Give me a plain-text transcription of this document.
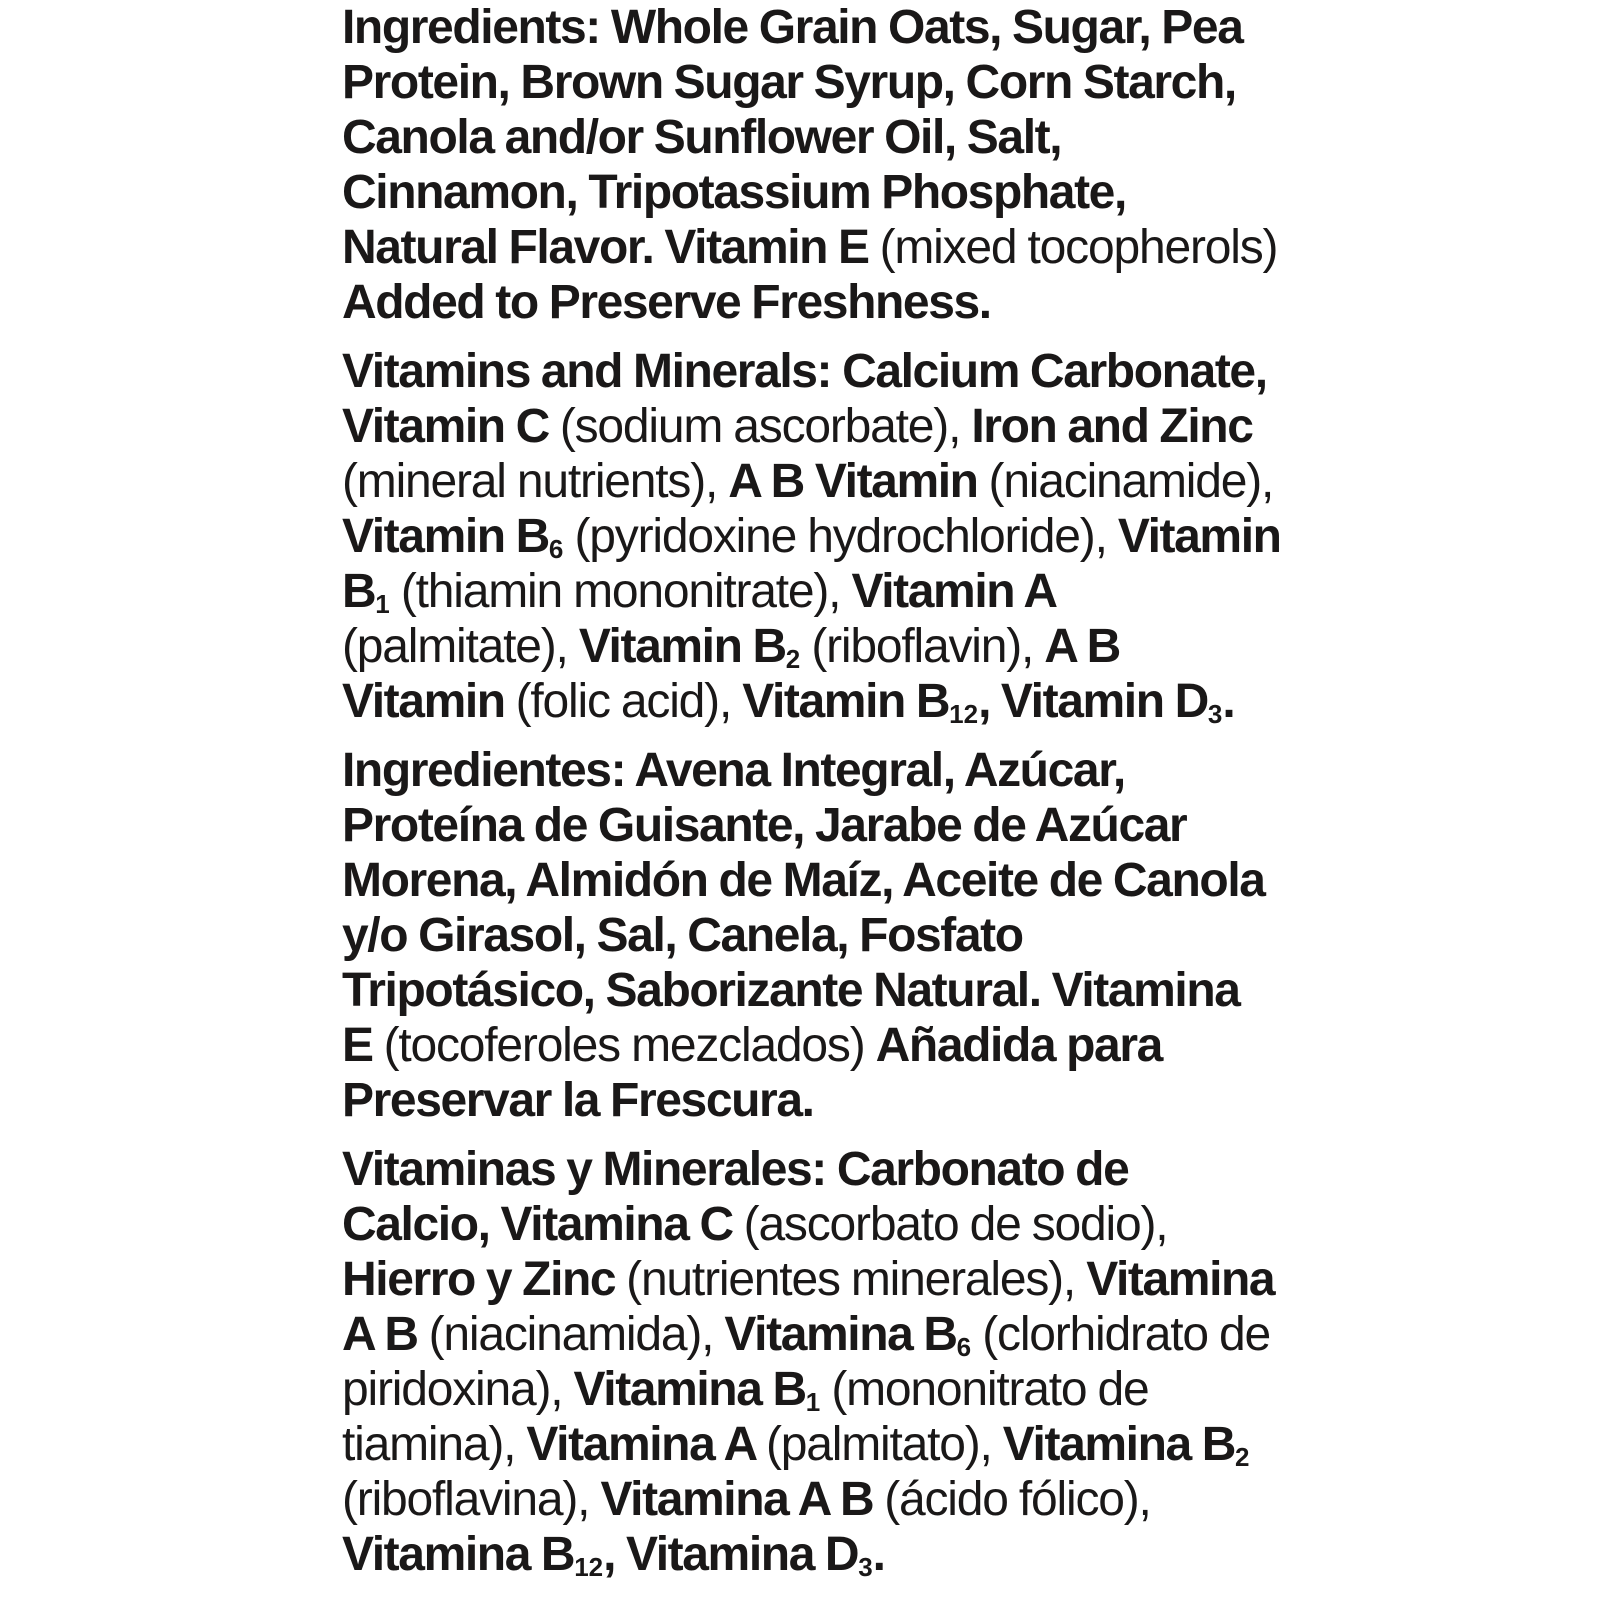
Ingredients: Whole Grain Oats, Sugar, Pea
Protein, Brown Sugar Syrup, Corn Starch,
Canola and/or Sunflower Oil, Salt,
Cinnamon, Tripotassium Phosphate,
Natural Flavor. Vitamin E (mixed tocopherols)
Added to Preserve Freshness.

Vitamins and Minerals: Calcium Carbonate,
Vitamin C (sodium ascorbate), Iron and Zinc
(mineral nutrients), A B Vitamin (niacinamide),
Vitamin $B_6$ (pyridoxine hydrochloride), Vitamin
$B_1$ (thiamin mononitrate), Vitamin A
(palmitate), Vitamin $B_2$ (riboflavin), A B
Vitamin (folic acid), Vitamin $B_{12}$, Vitamin $D_3$.

Ingredientes: Avena Integral, Azúcar,
Proteína de Guisante, Jarabe de Azúcar
Morena, Almidón de Maíz, Aceite de Canola
y/o Girasol, Sal, Canela, Fosfato
Tripotásico, Saborizante Natural. Vitamina
E (tocoferoles mezclados) Añadida para
Preservar la Frescura.

Vitaminas y Minerales: Carbonato de
Calcio, Vitamina C (ascorbato de sodio),
Hierro y Zinc (nutrientes minerales), Vitamina
A B (niacinamida), Vitamina $B_6$ (clorhidrato de
piridoxina), Vitamina $B_1$ (mononitrato de
tiamina), Vitamina A (palmitato), Vitamina $B_2$
(riboflavina), Vitamina A B (ácido fólico),
Vitamina $B_{12}$, Vitamina $D_3$.
